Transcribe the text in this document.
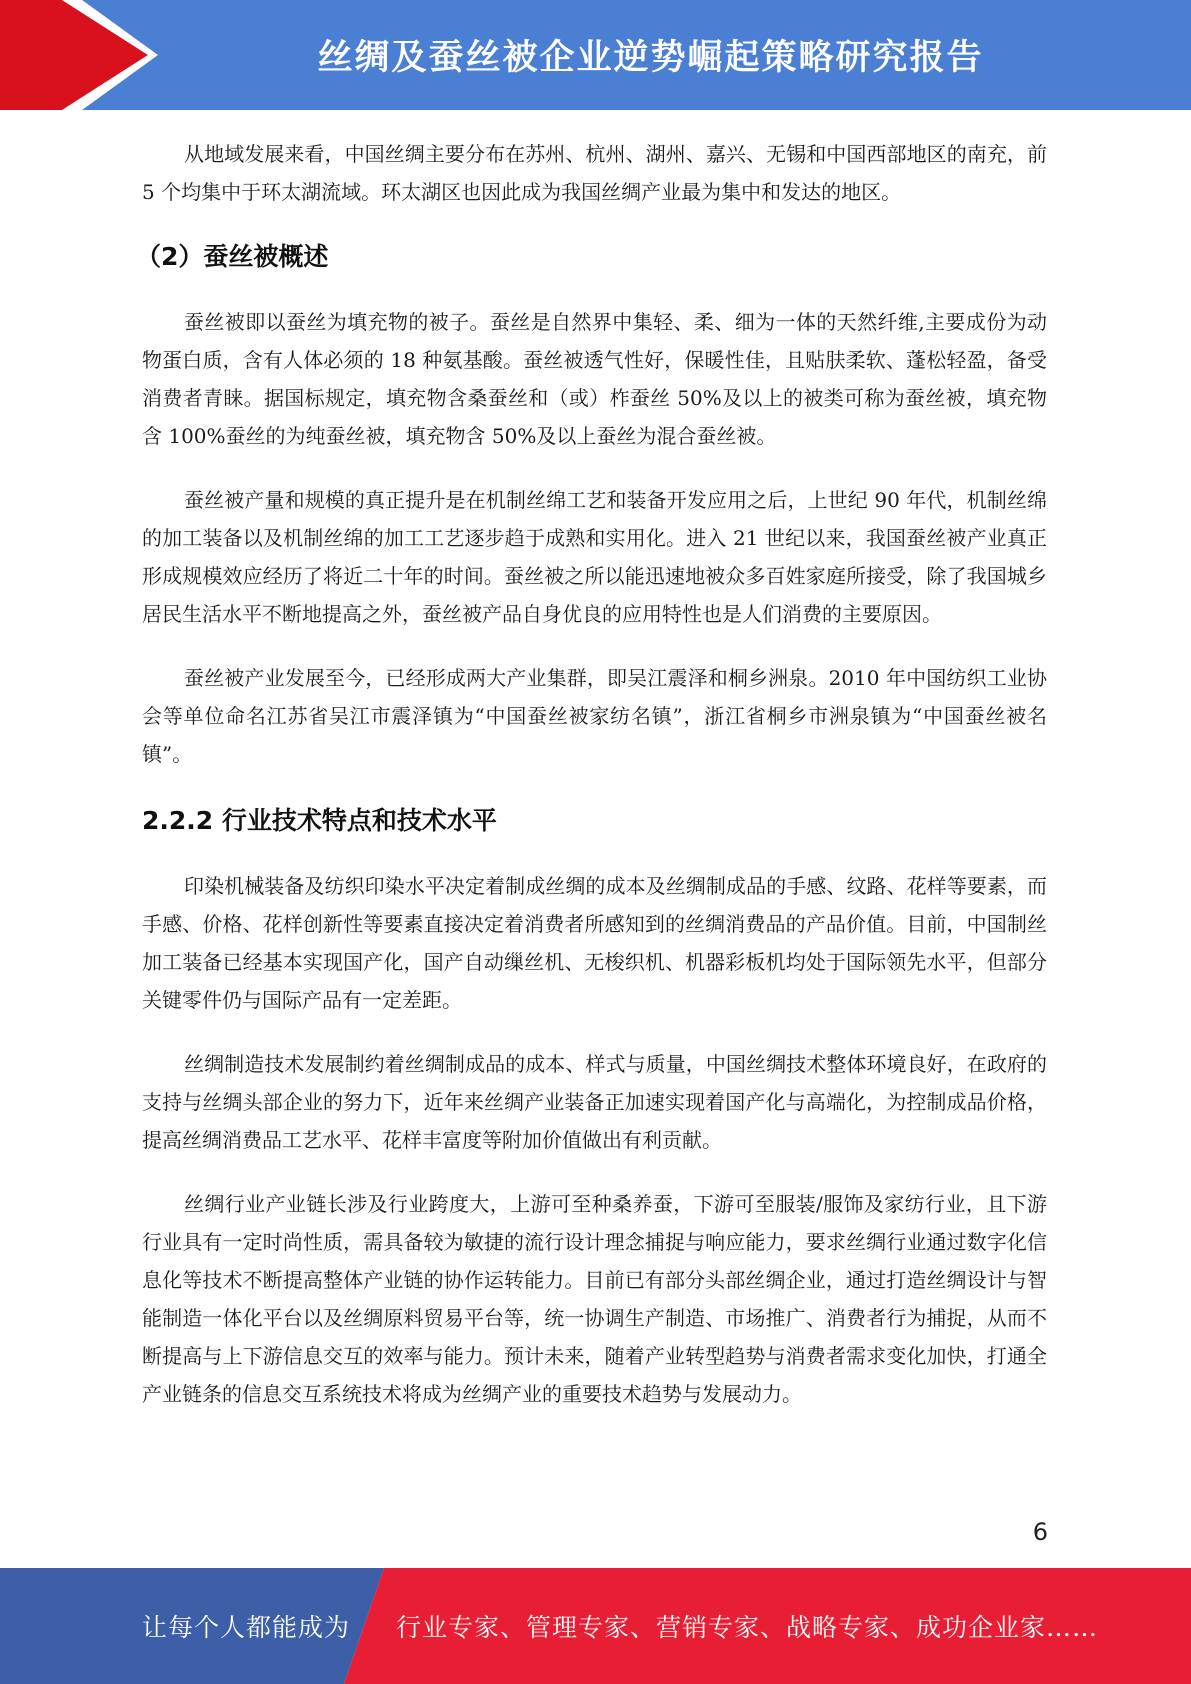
丝绸及蚕丝被企业逆势崛起策略研究报告

从地域发展来看，中国丝绸主要分布在苏州、杭州、湖州、嘉兴、无锡和中国西部地区的南充，前 5 个均集中于环太湖流域。环太湖区也因此成为我国丝绸产业最为集中和发达的地区。

（2）蚕丝被概述

蚕丝被即以蚕丝为填充物的被子。蚕丝是自然界中集轻、柔、细为一体的天然纤维,主要成份为动物蛋白质，含有人体必须的 18 种氨基酸。蚕丝被透气性好，保暖性佳，且贴肤柔软、蓬松轻盈，备受消费者青睐。据国标规定，填充物含桑蚕丝和（或）柞蚕丝 50%及以上的被类可称为蚕丝被，填充物含 100%蚕丝的为纯蚕丝被，填充物含 50%及以上蚕丝为混合蚕丝被。

蚕丝被产量和规模的真正提升是在机制丝绵工艺和装备开发应用之后，上世纪 90 年代，机制丝绵的加工装备以及机制丝绵的加工工艺逐步趋于成熟和实用化。进入 21 世纪以来，我国蚕丝被产业真正形成规模效应经历了将近二十年的时间。蚕丝被之所以能迅速地被众多百姓家庭所接受，除了我国城乡居民生活水平不断地提高之外，蚕丝被产品自身优良的应用特性也是人们消费的主要原因。

蚕丝被产业发展至今，已经形成两大产业集群，即吴江震泽和桐乡洲泉。2010 年中国纺织工业协会等单位命名江苏省吴江市震泽镇为“中国蚕丝被家纺名镇”，浙江省桐乡市洲泉镇为“中国蚕丝被名镇”。

2.2.2 行业技术特点和技术水平

印染机械装备及纺织印染水平决定着制成丝绸的成本及丝绸制成品的手感、纹路、花样等要素，而手感、价格、花样创新性等要素直接决定着消费者所感知到的丝绸消费品的产品价值。目前，中国制丝加工装备已经基本实现国产化，国产自动缫丝机、无梭织机、机器彩板机均处于国际领先水平，但部分关键零件仍与国际产品有一定差距。

丝绸制造技术发展制约着丝绸制成品的成本、样式与质量，中国丝绸技术整体环境良好，在政府的支持与丝绸头部企业的努力下，近年来丝绸产业装备正加速实现着国产化与高端化，为控制成品价格，提高丝绸消费品工艺水平、花样丰富度等附加价值做出有利贡献。

丝绸行业产业链长涉及行业跨度大，上游可至种桑养蚕，下游可至服装/服饰及家纺行业，且下游行业具有一定时尚性质，需具备较为敏捷的流行设计理念捕捉与响应能力，要求丝绸行业通过数字化信息化等技术不断提高整体产业链的协作运转能力。目前已有部分头部丝绸企业，通过打造丝绸设计与智能制造一体化平台以及丝绸原料贸易平台等，统一协调生产制造、市场推广、消费者行为捕捉，从而不断提高与上下游信息交互的效率与能力。预计未来，随着产业转型趋势与消费者需求变化加快，打通全产业链条的信息交互系统技术将成为丝绸产业的重要技术趋势与发展动力。

6
让每个人都能成为 行业专家、管理专家、营销专家、战略专家、成功企业家……
